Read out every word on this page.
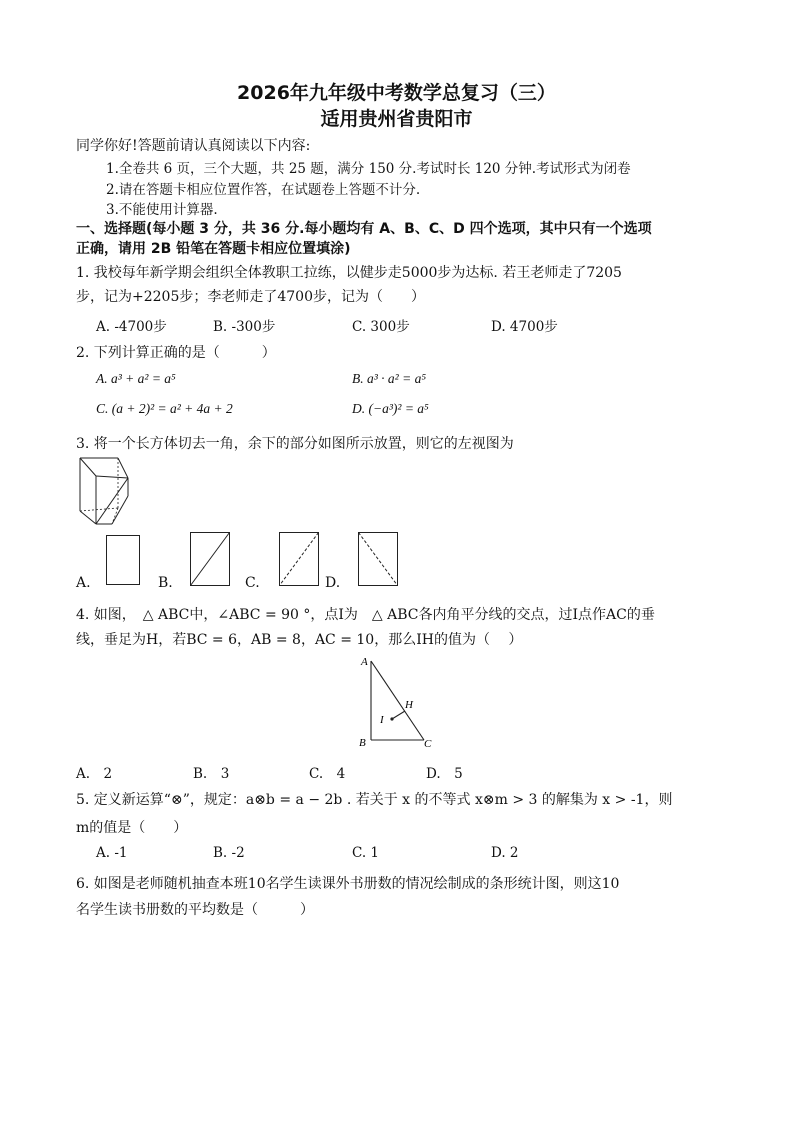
2026年九年级中考数学总复习（三）
适用贵州省贵阳市
同学你好!答题前请认真阅读以下内容:
1.全卷共 6 页，三个大题，共 25 题，满分 150 分.考试时长 120 分钟.考试形式为闭卷
2.请在答题卡相应位置作答，在试题卷上答题不计分.
3.不能使用计算器.
一、选择题(每小题 3 分，共 36 分.每小题均有 A、B、C、D 四个选项，其中只有一个选项
正确，请用 2B 铅笔在答题卡相应位置填涂)
1. 我校每年新学期会组织全体教职工拉练，以健步走5000步为达标. 若王老师走了7205
步，记为+2205步；李老师走了4700步，记为（　　）
A. -4700步	B. -300步	C. 300步	D. 4700步
2. 下列计算正确的是（　　　）
A. a³ + a² = a⁵	B. a³ · a² = a⁵
C. (a + 2)² = a² + 4a + 2	D. (−a³)² = a⁵
3. 将一个长方体切去一角，余下的部分如图所示放置，则它的左视图为
A.	B.	C.	D.
4. 如图，　△ ABC中，∠ABC = 90 °，点I为　△ ABC各内角平分线的交点，过I点作AC的垂
线，垂足为H，若BC = 6，AB = 8，AC = 10，那么IH的值为（　 ）
A
B	C
H
I
A.　2	B.　3	C.　4	D.　5
5. 定义新运算“⊗”，规定：a⊗b = a − 2b . 若关于 x 的不等式 x⊗m > 3 的解集为 x > -1，则
m的值是（　　）
A. -1	B. -2	C. 1	D. 2
6. 如图是老师随机抽查本班10名学生读课外书册数的情况绘制成的条形统计图，则这10
名学生读书册数的平均数是（　　　）
